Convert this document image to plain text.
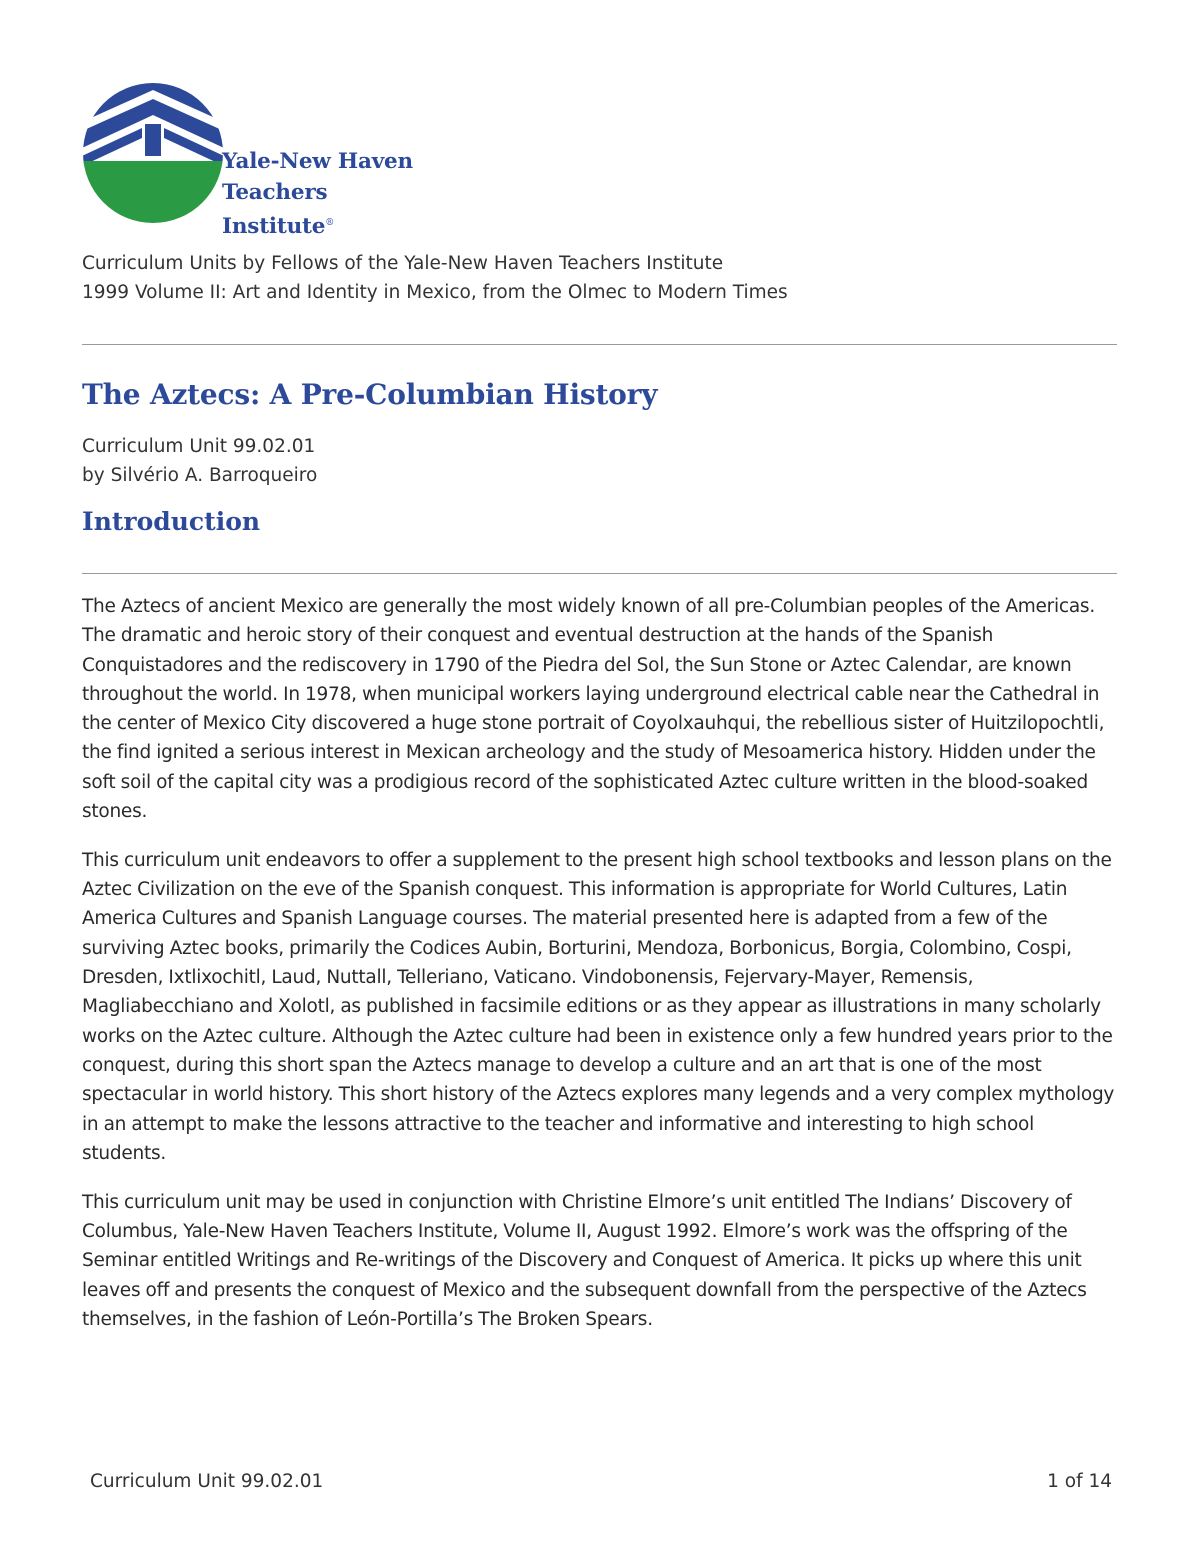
Yale-New Haven
Teachers Institute®
Curriculum Units by Fellows of the Yale-New Haven Teachers Institute
1999 Volume II: Art and Identity in Mexico, from the Olmec to Modern Times
The Aztecs: A Pre-Columbian History
Curriculum Unit 99.02.01
by Silvério A. Barroqueiro
Introduction

The Aztecs of ancient Mexico are generally the most widely known of all pre-Columbian peoples of the Americas. The dramatic and heroic story of their conquest and eventual destruction at the hands of the Spanish Conquistadores and the rediscovery in 1790 of the Piedra del Sol, the Sun Stone or Aztec Calendar, are known throughout the world. In 1978, when municipal workers laying underground electrical cable near the Cathedral in the center of Mexico City discovered a huge stone portrait of Coyolxauhqui, the rebellious sister of Huitzilopochtli, the find ignited a serious interest in Mexican archeology and the study of Mesoamerica history. Hidden under the soft soil of the capital city was a prodigious record of the sophisticated Aztec culture written in the blood-soaked stones.

This curriculum unit endeavors to offer a supplement to the present high school textbooks and lesson plans on the Aztec Civilization on the eve of the Spanish conquest. This information is appropriate for World Cultures, Latin America Cultures and Spanish Language courses. The material presented here is adapted from a few of the surviving Aztec books, primarily the Codices Aubin, Borturini, Mendoza, Borbonicus, Borgia, Colombino, Cospi, Dresden, Ixtlixochitl, Laud, Nuttall, Telleriano, Vaticano. Vindobonensis, Fejervary-Mayer, Remensis, Magliabecchiano and Xolotl, as published in facsimile editions or as they appear as illustrations in many scholarly works on the Aztec culture. Although the Aztec culture had been in existence only a few hundred years prior to the conquest, during this short span the Aztecs manage to develop a culture and an art that is one of the most spectacular in world history. This short history of the Aztecs explores many legends and a very complex mythology in an attempt to make the lessons attractive to the teacher and informative and interesting to high school students.

This curriculum unit may be used in conjunction with Christine Elmore’s unit entitled The Indians’ Discovery of Columbus, Yale-New Haven Teachers Institute, Volume II, August 1992. Elmore’s work was the offspring of the Seminar entitled Writings and Re-writings of the Discovery and Conquest of America. It picks up where this unit leaves off and presents the conquest of Mexico and the subsequent downfall from the perspective of the Aztecs themselves, in the fashion of León-Portilla’s The Broken Spears.

Curriculum Unit 99.02.01	1 of 14
